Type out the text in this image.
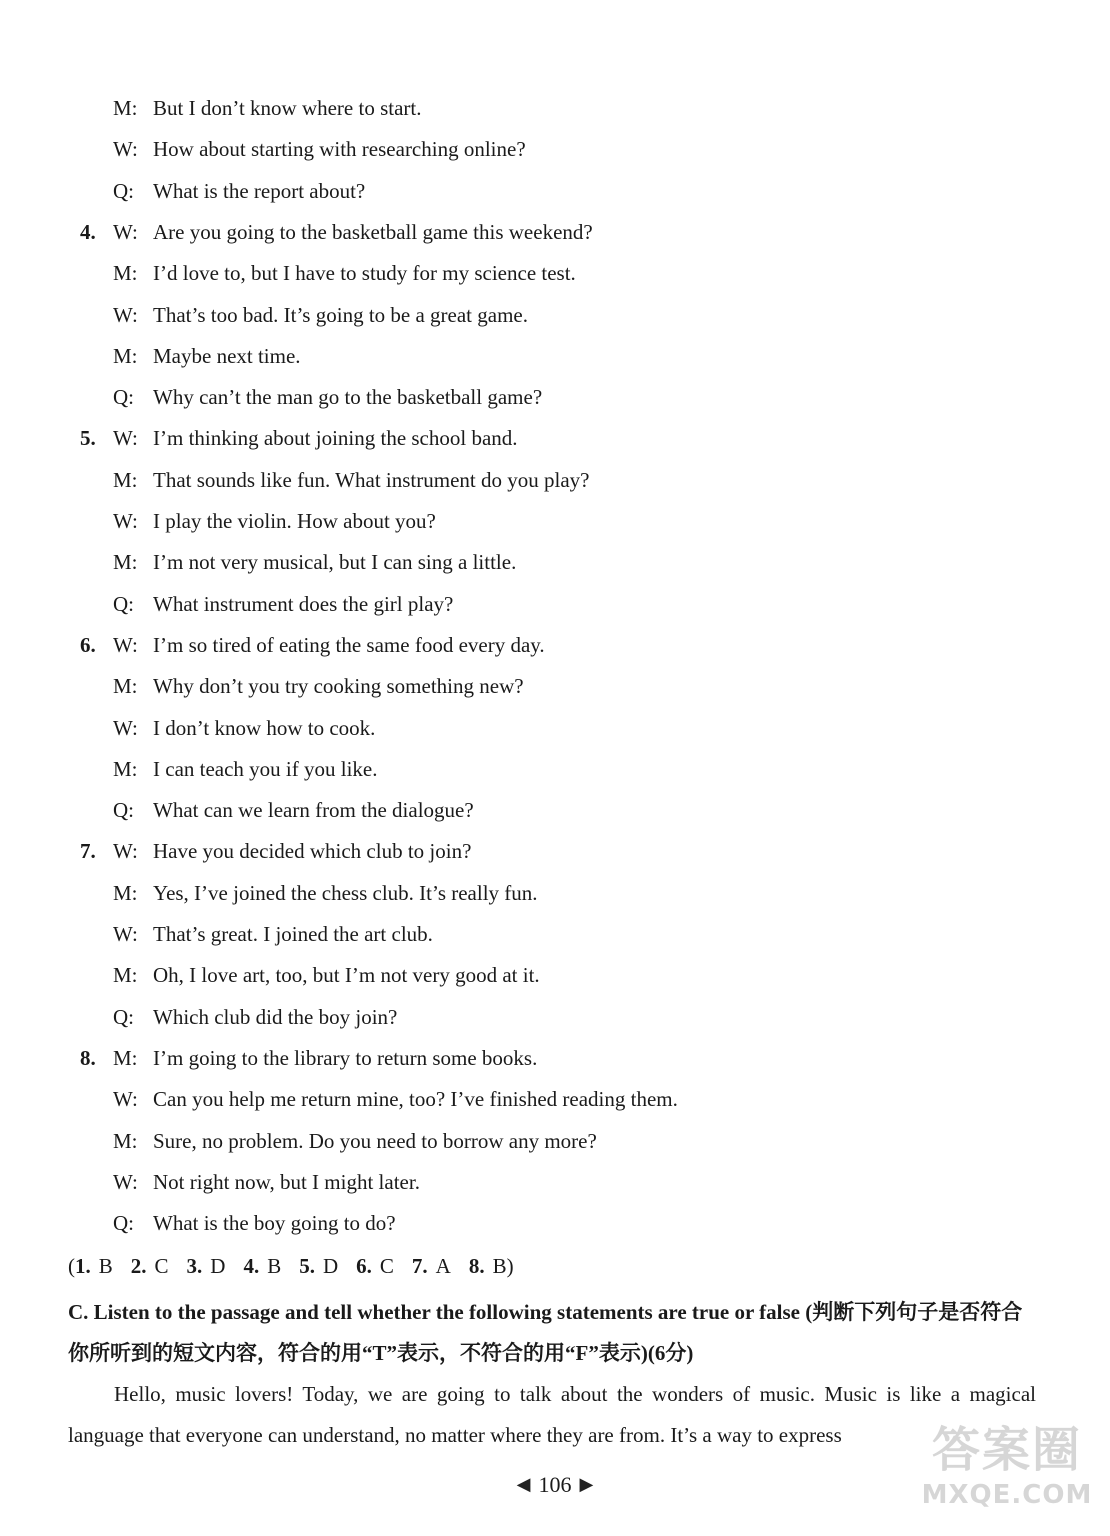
M: But I don’t know where to start.
W: How about starting with researching online?
Q: What is the report about?
W: Are you going to the basketball game this weekend?
4.
M: I’d love to, but I have to study for my science test.
W: That’s too bad. It’s going to be a great game.
M: Maybe next time.
Q: Why can’t the man go to the basketball game?
W: I’m thinking about joining the school band.
5.
M: That sounds like fun. What instrument do you play?
W: I play the violin. How about you?
M: I’m not very musical, but I can sing a little.
Q: What instrument does the girl play?
W: I’m so tired of eating the same food every day.
6.
M: Why don’t you try cooking something new?
W: I don’t know how to cook.
M: I can teach you if you like.
Q: What can we learn from the dialogue?
W: Have you decided which club to join?
7.
M: Yes, I’ve joined the chess club. It’s really fun.
W: That’s great. I joined the art club.
M: Oh, I love art, too, but I’m not very good at it.
Q: Which club did the boy join?
M: I’m going to the library to return some books.
8.
W: Can you help me return mine, too? I’ve finished reading them.
M: Sure, no problem. Do you need to borrow any more?
W: Not right now, but I might later.
Q: What is the boy going to do?
(1. B 2. C 3. D 4. B 5. D 6. C 7. A 8. B)
C. Listen to the passage and tell whether the following statements are true or false (判断下列句子是否符合你所听到的短文内容，符合的用“T”表示，不符合的用“F”表示)(6分)
Hello, music lovers! Today, we are going to talk about the wonders of music. Music is like a magical language that everyone can understand, no matter where they are from. It’s a way to express
◀ 106 ▶
答案圈
MXQE.COM
